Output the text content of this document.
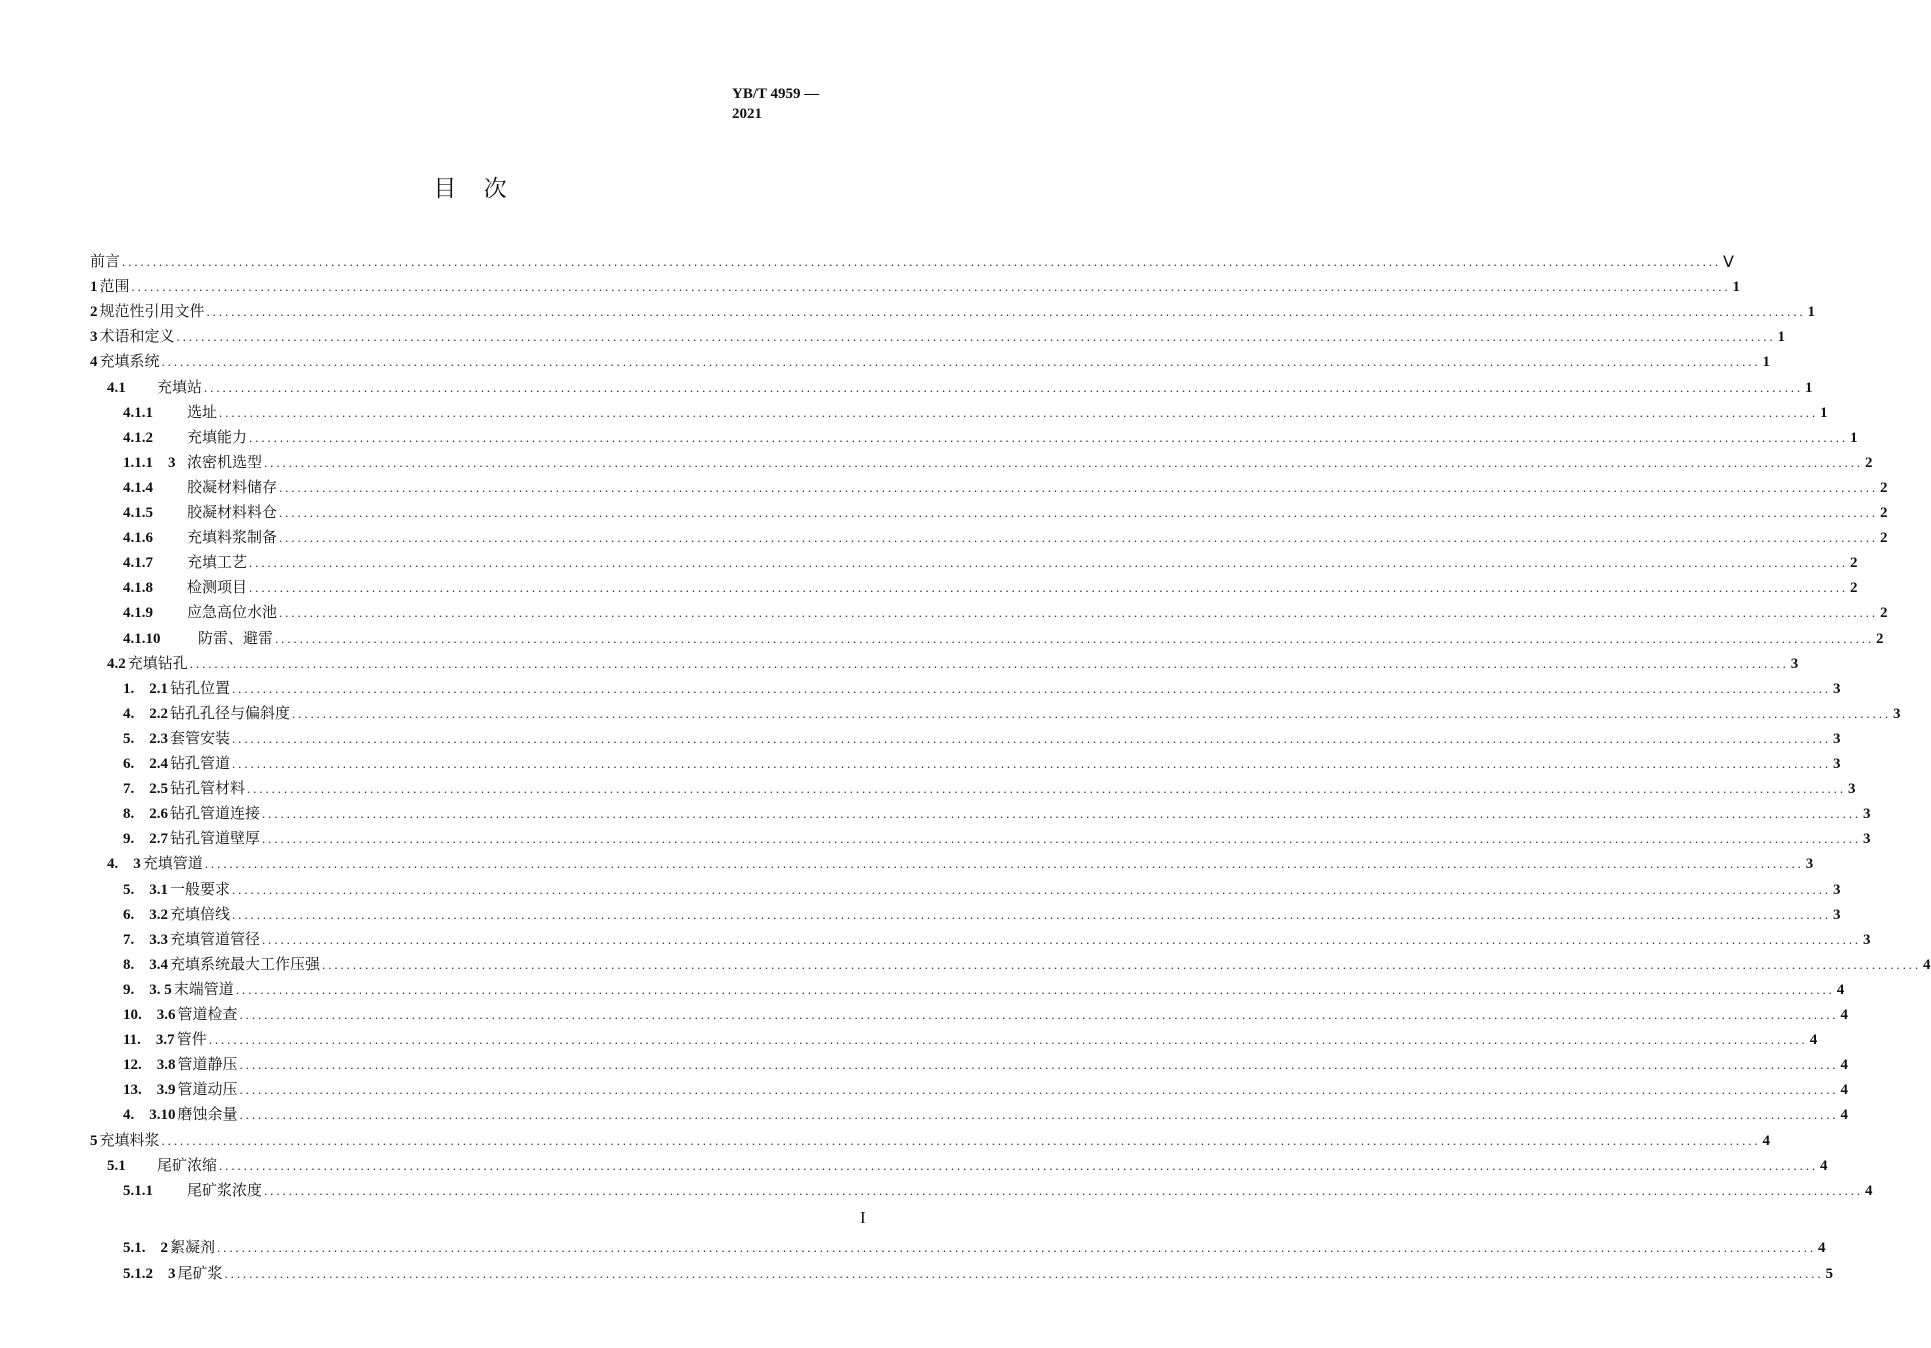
YB/T 4959 — 2021
目 次
前言 .................................................................................................................................................................................................................................................................... Ⅴ
1 范围 .................................................................................................................................................................................................................................................................... 1
2 规范性引用文件 .................................................................................................................................................................................................................................................................... 1
3 术语和定义 .................................................................................................................................................................................................................................................................... 1
4 充填系统 .................................................................................................................................................................................................................................................................... 1
4.1	充填站 .................................................................................................................................................................................................................................................................... 1
4.1.1	选址 .................................................................................................................................................................................................................................................................... 1
4.1.2	充填能力 .................................................................................................................................................................................................................................................................... 1
1.1.1　3 浓密机选型 .................................................................................................................................................................................................................................................................... 2
4.1.4	胶凝材料储存 .................................................................................................................................................................................................................................................................... 2
4.1.5	胶凝材料料仓 .................................................................................................................................................................................................................................................................... 2
4.1.6	充填料浆制备 .................................................................................................................................................................................................................................................................... 2
4.1.7	充填工艺 .................................................................................................................................................................................................................................................................... 2
4.1.8	检测项目 .................................................................................................................................................................................................................................................................... 2
4.1.9	应急高位水池 .................................................................................................................................................................................................................................................................... 2
4.1.10	防雷、避雷 .................................................................................................................................................................................................................................................................... 2
4.2 充填钻孔 .................................................................................................................................................................................................................................................................... 3
1.　2.1 钻孔位置 .................................................................................................................................................................................................................................................................... 3
4.　2.2 钻孔孔径与偏斜度 .................................................................................................................................................................................................................................................................... 3
5.　2.3 套管安装 .................................................................................................................................................................................................................................................................... 3
6.　2.4 钻孔管道 .................................................................................................................................................................................................................................................................... 3
7.　2.5 钻孔管材料 .................................................................................................................................................................................................................................................................... 3
8.　2.6 钻孔管道连接 .................................................................................................................................................................................................................................................................... 3
9.　2.7 钻孔管道壁厚 .................................................................................................................................................................................................................................................................... 3
4.　3 充填管道 .................................................................................................................................................................................................................................................................... 3
5.　3.1 一般要求 .................................................................................................................................................................................................................................................................... 3
6.　3.2 充填倍线 .................................................................................................................................................................................................................................................................... 3
7.　3.3 充填管道管径 .................................................................................................................................................................................................................................................................... 3
8.　3.4 充填系统最大工作压强 .................................................................................................................................................................................................................................................................... 4
9.　3. 5 末端管道 .................................................................................................................................................................................................................................................................... 4
10.　3.6 管道检查 .................................................................................................................................................................................................................................................................... 4
11.　3.7 管件 .................................................................................................................................................................................................................................................................... 4
12.　3.8 管道静压 .................................................................................................................................................................................................................................................................... 4
13.　3.9 管道动压 .................................................................................................................................................................................................................................................................... 4
4.　3.10 磨蚀余量 .................................................................................................................................................................................................................................................................... 4
5 充填料浆 .................................................................................................................................................................................................................................................................... 4
5.1	尾矿浓缩 .................................................................................................................................................................................................................................................................... 4
5.1.1	尾矿浆浓度 .................................................................................................................................................................................................................................................................... 4
5.1.　2 絮凝剂 .................................................................................................................................................................................................................................................................... 4
5.1.2　3 尾矿浆 .................................................................................................................................................................................................................................................................... 5
I
